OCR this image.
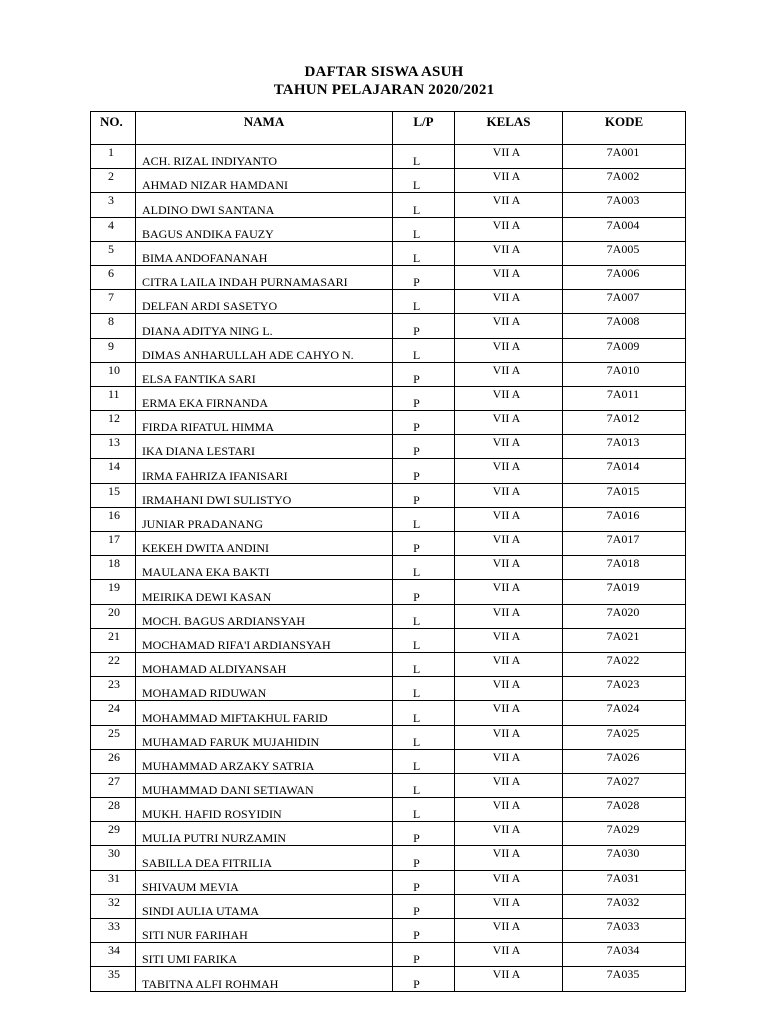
DAFTAR SISWA ASUH
TAHUN PELAJARAN 2020/2021
NO.	NAMA	L/P	KELAS	KODE
1	ACH. RIZAL INDIYANTO	L	VII A	7A001
2	AHMAD NIZAR HAMDANI	L	VII A	7A002
3	ALDINO DWI SANTANA	L	VII A	7A003
4	BAGUS ANDIKA FAUZY	L	VII A	7A004
5	BIMA ANDOFANANAH	L	VII A	7A005
6	CITRA LAILA INDAH PURNAMASARI	P	VII A	7A006
7	DELFAN ARDI SASETYO	L	VII A	7A007
8	DIANA ADITYA NING L.	P	VII A	7A008
9	DIMAS ANHARULLAH ADE CAHYO N.	L	VII A	7A009
10	ELSA FANTIKA SARI	P	VII A	7A010
11	ERMA EKA FIRNANDA	P	VII A	7A011
12	FIRDA RIFATUL HIMMA	P	VII A	7A012
13	IKA DIANA LESTARI	P	VII A	7A013
14	IRMA FAHRIZA IFANISARI	P	VII A	7A014
15	IRMAHANI DWI SULISTYO	P	VII A	7A015
16	JUNIAR PRADANANG	L	VII A	7A016
17	KEKEH DWITA ANDINI	P	VII A	7A017
18	MAULANA EKA BAKTI	L	VII A	7A018
19	MEIRIKA DEWI KASAN	P	VII A	7A019
20	MOCH. BAGUS ARDIANSYAH	L	VII A	7A020
21	MOCHAMAD RIFA'I ARDIANSYAH	L	VII A	7A021
22	MOHAMAD ALDIYANSAH	L	VII A	7A022
23	MOHAMAD RIDUWAN	L	VII A	7A023
24	MOHAMMAD MIFTAKHUL FARID	L	VII A	7A024
25	MUHAMAD FARUK MUJAHIDIN	L	VII A	7A025
26	MUHAMMAD ARZAKY SATRIA	L	VII A	7A026
27	MUHAMMAD DANI SETIAWAN	L	VII A	7A027
28	MUKH. HAFID ROSYIDIN	L	VII A	7A028
29	MULIA PUTRI NURZAMIN	P	VII A	7A029
30	SABILLA DEA FITRILIA	P	VII A	7A030
31	SHIVAUM MEVIA	P	VII A	7A031
32	SINDI AULIA UTAMA	P	VII A	7A032
33	SITI NUR FARIHAH	P	VII A	7A033
34	SITI UMI FARIKA	P	VII A	7A034
35	TABITNA ALFI ROHMAH	P	VII A	7A035
